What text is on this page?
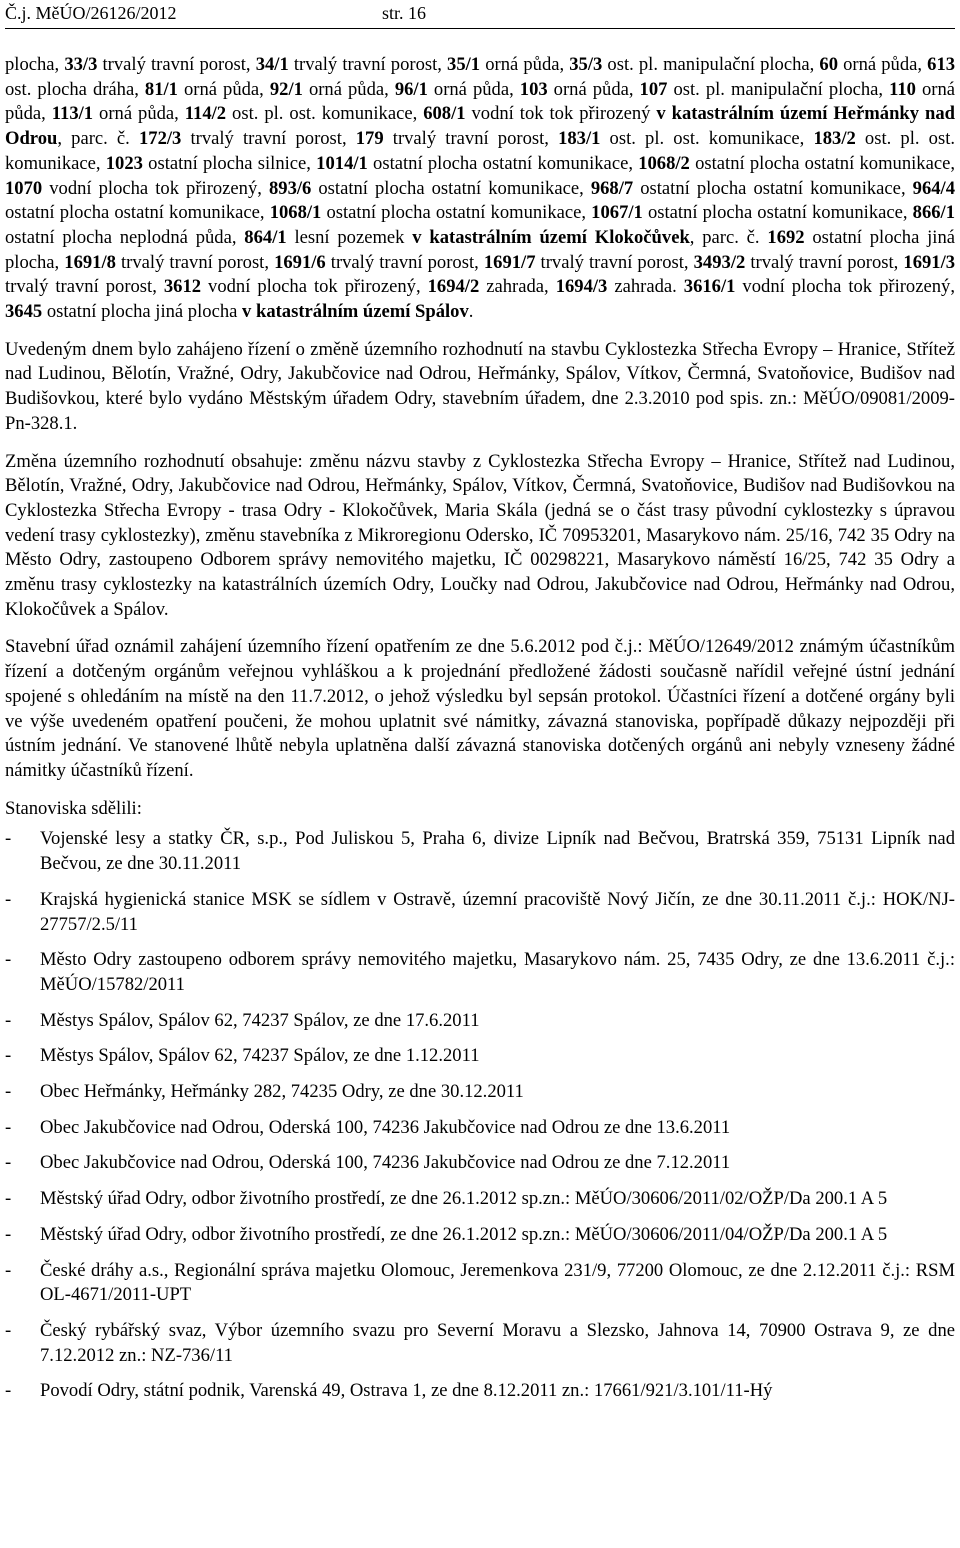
Č.j. MěÚO/26126/2012	str. 16

plocha, 33/3 trvalý travní porost, 34/1 trvalý travní porost, 35/1 orná půda, 35/3 ost. pl. manipulační plocha, 60 orná půda, 613 ost. plocha dráha, 81/1 orná půda, 92/1 orná půda, 96/1 orná půda, 103 orná půda, 107 ost. pl. manipulační plocha, 110 orná půda, 113/1 orná půda, 114/2 ost. pl. ost. komunikace, 608/1 vodní tok tok přirozený v katastrálním území Heřmánky nad Odrou, parc. č. 172/3 trvalý travní porost, 179 trvalý travní porost, 183/1 ost. pl. ost. komunikace, 183/2 ost. pl. ost. komunikace, 1023 ostatní plocha silnice, 1014/1 ostatní plocha ostatní komunikace, 1068/2 ostatní plocha ostatní komunikace, 1070 vodní plocha tok přirozený, 893/6 ostatní plocha ostatní komunikace, 968/7 ostatní plocha ostatní komunikace, 964/4 ostatní plocha ostatní komunikace, 1068/1 ostatní plocha ostatní komunikace, 1067/1 ostatní plocha ostatní komunikace, 866/1 ostatní plocha neplodná půda, 864/1 lesní pozemek v katastrálním území Klokočůvek, parc. č. 1692 ostatní plocha jiná plocha, 1691/8 trvalý travní porost, 1691/6 trvalý travní porost, 1691/7 trvalý travní porost, 3493/2 trvalý travní porost, 1691/3 trvalý travní porost, 3612 vodní plocha tok přirozený, 1694/2 zahrada, 1694/3 zahrada. 3616/1 vodní plocha tok přirozený, 3645 ostatní plocha jiná plocha v katastrálním území Spálov.

Uvedeným dnem bylo zahájeno řízení o změně územního rozhodnutí na stavbu Cyklostezka Střecha Evropy – Hranice, Střítež nad Ludinou, Bělotín, Vražné, Odry, Jakubčovice nad Odrou, Heřmánky, Spálov, Vítkov, Čermná, Svatoňovice, Budišov nad Budišovkou, které bylo vydáno Městským úřadem Odry, stavebním úřadem, dne 2.3.2010 pod spis. zn.: MěÚO/09081/2009-Pn-328.1.

Změna územního rozhodnutí obsahuje: změnu názvu stavby z Cyklostezka Střecha Evropy – Hranice, Střítež nad Ludinou, Bělotín, Vražné, Odry, Jakubčovice nad Odrou, Heřmánky, Spálov, Vítkov, Čermná, Svatoňovice, Budišov nad Budišovkou na Cyklostezka Střecha Evropy - trasa Odry - Klokočůvek, Maria Skála (jedná se o část trasy původní cyklostezky s úpravou vedení trasy cyklostezky), změnu stavebníka z Mikroregionu Odersko, IČ 70953201, Masarykovo nám. 25/16, 742 35 Odry na Město Odry, zastoupeno Odborem správy nemovitého majetku, IČ 00298221, Masarykovo náměstí 16/25, 742 35 Odry a změnu trasy cyklostezky na katastrálních územích Odry, Loučky nad Odrou, Jakubčovice nad Odrou, Heřmánky nad Odrou, Klokočůvek a Spálov.

Stavební úřad oznámil zahájení územního řízení opatřením ze dne 5.6.2012 pod č.j.: MěÚO/12649/2012 známým účastníkům řízení a dotčeným orgánům veřejnou vyhláškou a k projednání předložené žádosti současně nařídil veřejné ústní jednání spojené s ohledáním na místě na den 11.7.2012, o jehož výsledku byl sepsán protokol. Účastníci řízení a dotčené orgány byli ve výše uvedeném opatření poučeni, že mohou uplatnit své námitky, závazná stanoviska, popřípadě důkazy nejpozději při ústním jednání. Ve stanovené lhůtě nebyla uplatněna další závazná stanoviska dotčených orgánů ani nebyly vzneseny žádné námitky účastníků řízení.

Stanoviska sdělili:

- Vojenské lesy a statky ČR, s.p., Pod Juliskou 5, Praha 6, divize Lipník nad Bečvou, Bratrská 359, 75131 Lipník nad Bečvou, ze dne 30.11.2011
- Krajská hygienická stanice MSK se sídlem v Ostravě, územní pracoviště Nový Jičín, ze dne 30.11.2011 č.j.: HOK/NJ-27757/2.5/11
- Město Odry zastoupeno odborem správy nemovitého majetku, Masarykovo nám. 25, 7435 Odry, ze dne 13.6.2011 č.j.: MěÚO/15782/2011
- Městys Spálov, Spálov 62, 74237 Spálov, ze dne 17.6.2011
- Městys Spálov, Spálov 62, 74237 Spálov, ze dne 1.12.2011
- Obec Heřmánky, Heřmánky 282, 74235 Odry, ze dne 30.12.2011
- Obec Jakubčovice nad Odrou, Oderská 100, 74236 Jakubčovice nad Odrou ze dne 13.6.2011
- Obec Jakubčovice nad Odrou, Oderská 100, 74236 Jakubčovice nad Odrou ze dne 7.12.2011
- Městský úřad Odry, odbor životního prostředí, ze dne 26.1.2012 sp.zn.: MěÚO/30606/2011/02/OŽP/Da 200.1 A 5
- Městský úřad Odry, odbor životního prostředí, ze dne 26.1.2012 sp.zn.: MěÚO/30606/2011/04/OŽP/Da 200.1 A 5
- České dráhy a.s., Regionální správa majetku Olomouc, Jeremenkova 231/9, 77200 Olomouc, ze dne 2.12.2011 č.j.: RSM OL-4671/2011-UPT
- Český rybářský svaz, Výbor územního svazu pro Severní Moravu a Slezsko, Jahnova 14, 70900 Ostrava 9, ze dne 7.12.2012 zn.: NZ-736/11
- Povodí Odry, státní podnik, Varenská 49, Ostrava 1, ze dne 8.12.2011 zn.: 17661/921/3.101/11-Hý
